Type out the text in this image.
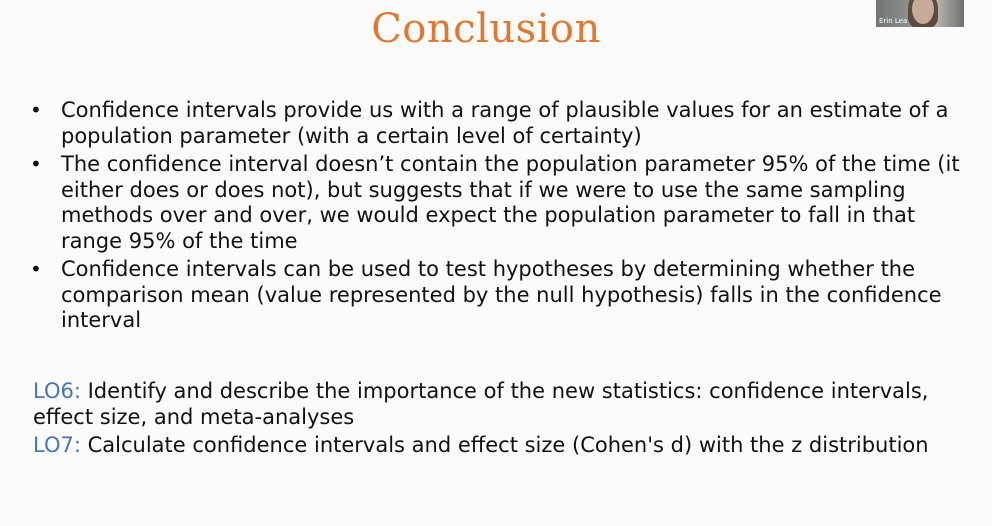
Conclusion
• Confidence intervals provide us with a range of plausible values for an estimate of a population parameter (with a certain level of certainty)
• The confidence interval doesn’t contain the population parameter 95% of the time (it either does or does not), but suggests that if we were to use the same sampling methods over and over, we would expect the population parameter to fall in that range 95% of the time
• Confidence intervals can be used to test hypotheses by determining whether the comparison mean (value represented by the null hypothesis) falls in the confidence interval
LO6: Identify and describe the importance of the new statistics: confidence intervals, effect size, and meta-analyses
LO7: Calculate confidence intervals and effect size (Cohen's d) with the z distribution
Erin Lea
